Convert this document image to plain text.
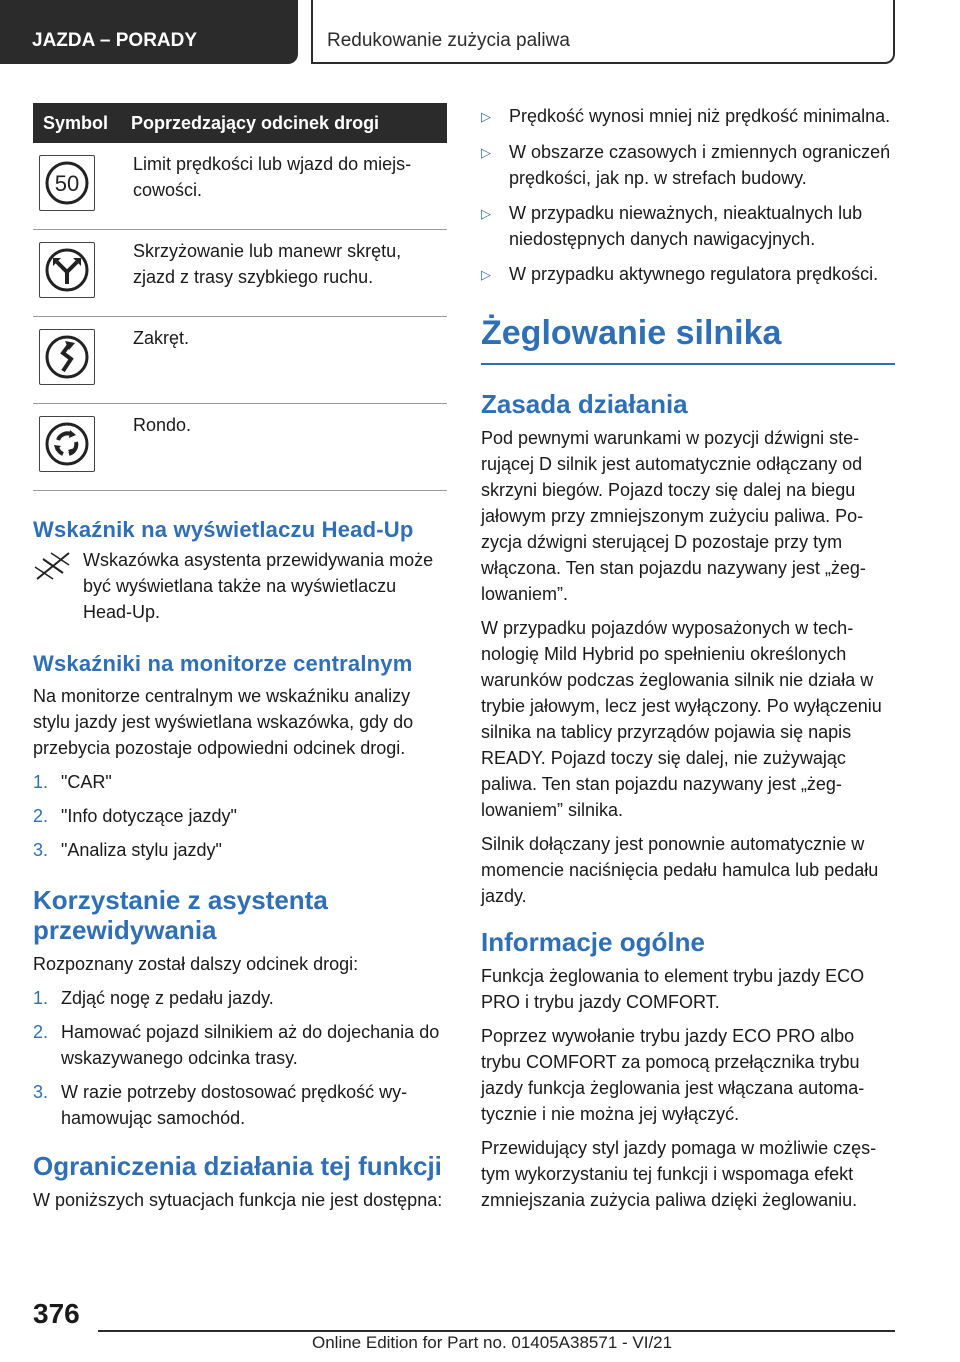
JAZDA – PORADY	Redukowanie zużycia paliwa
Symbol	Poprzedzający odcinek drogi

50	Limit prędkości lub wjazd do miejscowości.

	Skrzyżowanie lub manewr skrętu, zjazd z trasy szybkiego ruchu.

	Zakręt.

	Rondo.
Wskaźnik na wyświetlaczu Head-Up

Wskazówka asystenta przewidywania może być wyświetlana także na wyświetlaczu Head-Up.

Wskaźniki na monitorze centralnym

Na monitorze centralnym we wskaźniku analizy stylu jazdy jest wyświetlana wskazówka, gdy do przebycia pozostaje odpowiedni odcinek drogi.

1. "CAR"
2. "Info dotyczące jazdy"
3. "Analiza stylu jazdy"
Korzystanie z asystenta przewidywania

Rozpoznany został dalszy odcinek drogi:

1. Zdjąć nogę z pedału jazdy.
2. Hamować pojazd silnikiem aż do dojechania do wskazywanego odcinka trasy.
3. W razie potrzeby dostosować prędkość wyhamowując samochód.
Ograniczenia działania tej funkcji

W poniższych sytuacjach funkcja nie jest dostępna:

▷	Prędkość wynosi mniej niż prędkość minimalna.
▷	W obszarze czasowych i zmiennych ograniczeń prędkości, jak np. w strefach budowy.
▷	W przypadku nieważnych, nieaktualnych lub niedostępnych danych nawigacyjnych.
▷	W przypadku aktywnego regulatora prędkości.
Żeglowanie silnika
Zasada działania

Pod pewnymi warunkami w pozycji dźwigni sterującej D silnik jest automatycznie odłączany od skrzyni biegów. Pojazd toczy się dalej na biegu jałowym przy zmniejszonym zużyciu paliwa. Pozycja dźwigni sterującej D pozostaje przy tym włączona. Ten stan pojazdu nazywany jest „żeglowaniem”.

W przypadku pojazdów wyposażonych w technologię Mild Hybrid po spełnieniu określonych warunków podczas żeglowania silnik nie działa w trybie jałowym, lecz jest wyłączony. Po wyłączeniu silnika na tablicy przyrządów pojawia się napis READY. Pojazd toczy się dalej, nie zużywając paliwa. Ten stan pojazdu nazywany jest „żeglowaniem” silnika.

Silnik dołączany jest ponownie automatycznie w momencie naciśnięcia pedału hamulca lub pedału jazdy.

Informacje ogólne

Funkcja żeglowania to element trybu jazdy ECO PRO i trybu jazdy COMFORT.

Poprzez wywołanie trybu jazdy ECO PRO albo trybu COMFORT za pomocą przełącznika trybu jazdy funkcja żeglowania jest włączana automatycznie i nie można jej wyłączyć.

Przewidujący styl jazdy pomaga w możliwie częstym wykorzystaniu tej funkcji i wspomaga efekt zmniejszania zużycia paliwa dzięki żeglowaniu.

376
Online Edition for Part no. 01405A38571 - VI/21
